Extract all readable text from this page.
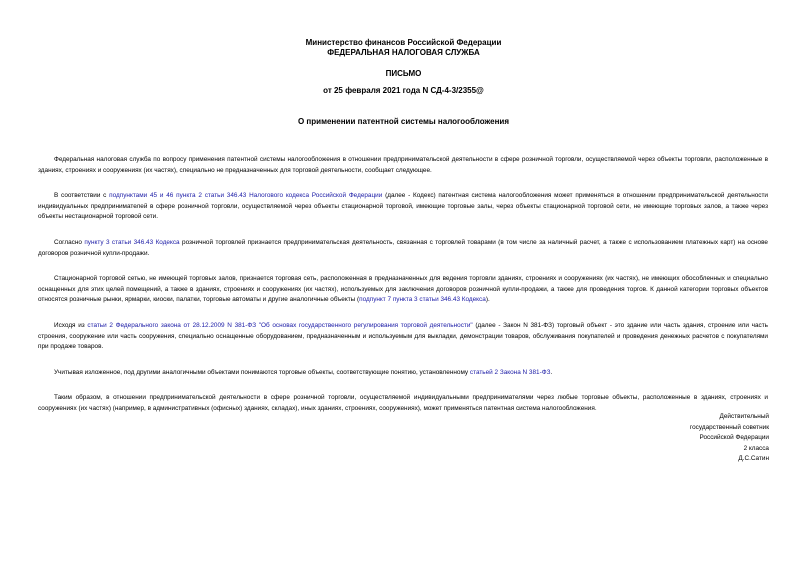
Министерство финансов Российской Федерации
ФЕДЕРАЛЬНАЯ НАЛОГОВАЯ СЛУЖБА
ПИСЬМО
от 25 февраля 2021 года N СД-4-3/2355@
О применении патентной системы налогообложения

Федеральная налоговая служба по вопросу применения патентной системы налогообложения в отношении предпринимательской деятельности в сфере розничной торговли, осуществляемой через объекты торговли, расположенные в зданиях, строениях и сооружениях (их частях), специально не предназначенных для торговой деятельности, сообщает следующее.

В соответствии с подпунктами 45 и 46 пункта 2 статьи 346.43 Налогового кодекса Российской Федерации (далее - Кодекс) патентная система налогообложения может применяться в отношении предпринимательской деятельности индивидуальных предпринимателей в сфере розничной торговли, осуществляемой через объекты стационарной торговой, имеющие торговые залы, через объекты стационарной торговой сети, не имеющие торговых залов, а также через объекты нестационарной торговой сети.

Согласно пункту 3 статьи 346.43 Кодекса розничной торговлей признается предпринимательская деятельность, связанная с торговлей товарами (в том числе за наличный расчет, а также с использованием платежных карт) на основе договоров розничной купли-продажи.

Стационарной торговой сетью, не имеющей торговых залов, признается торговая сеть, расположенная в предназначенных для ведения торговли зданиях, строениях и сооружениях (их частях), не имеющих обособленных и специально оснащенных для этих целей помещений, а также в зданиях, строениях и сооружениях (их частях), используемых для заключения договоров розничной купли-продажи, а также для проведения торгов. К данной категории торговых объектов относятся розничные рынки, ярмарки, киоски, палатки, торговые автоматы и другие аналогичные объекты (подпункт 7 пункта 3 статьи 346.43 Кодекса).

Исходя из статьи 2 Федерального закона от 28.12.2009 N 381-ФЗ "Об основах государственного регулирования торговой деятельности" (далее - Закон N 381-ФЗ) торговый объект - это здание или часть здания, строение или часть строения, сооружение или часть сооружения, специально оснащенные оборудованием, предназначенным и используемым для выкладки, демонстрации товаров, обслуживания покупателей и проведения денежных расчетов с покупателями при продаже товаров.

Учитывая изложенное, под другими аналогичными объектами понимаются торговые объекты, соответствующие понятию, установленному статьей 2 Закона N 381-ФЗ.

Таким образом, в отношении предпринимательской деятельности в сфере розничной торговли, осуществляемой индивидуальными предпринимателями через любые торговые объекты, расположенные в зданиях, строениях и сооружениях (их частях) (например, в административных (офисных) зданиях, складах), иных зданиях, строениях, сооружениях), может применяться патентная система налогообложения.

Действительный
государственный советник
Российской Федерации
2 класса
Д.С.Сатин
